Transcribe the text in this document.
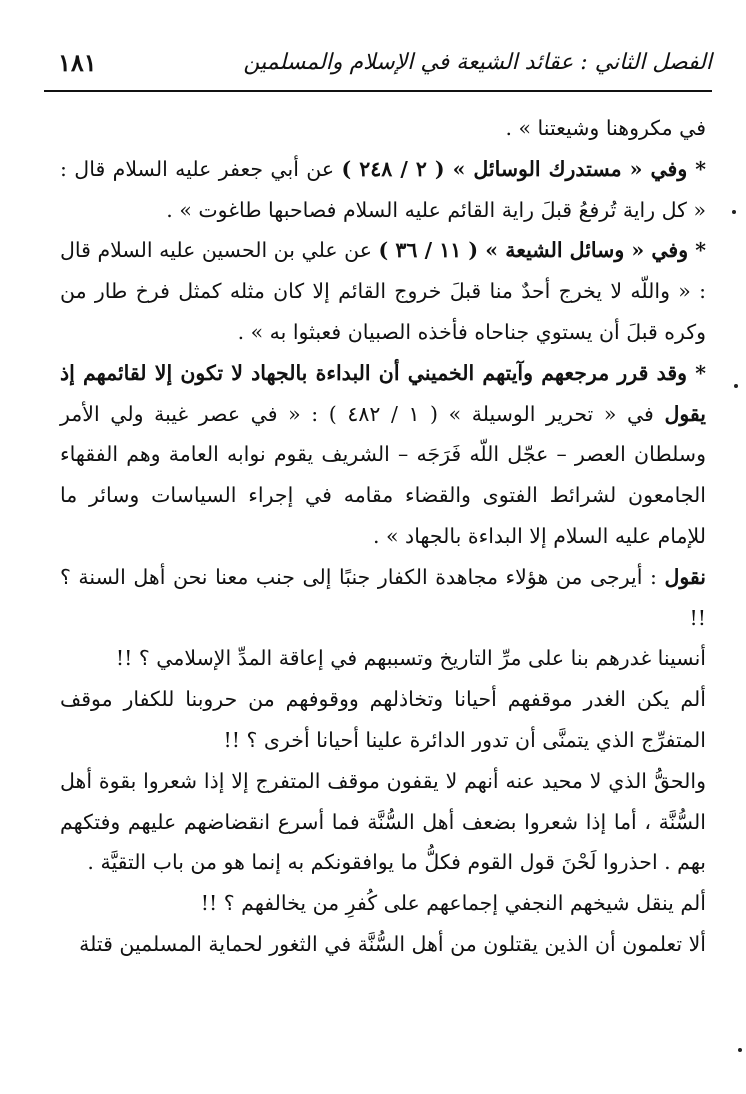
الفصل الثاني : عقائد الشيعة في الإسلام والمسلمين
١٨١

في مكروهنا وشيعتنا » .

* وفي « مستدرك الوسائل » ( ٢ / ٢٤٨ ) عن أبي جعفر عليه السلام قال : « كل راية تُرفعُ قبلَ راية القائم عليه السلام فصاحبها طاغوت » .

* وفي « وسائل الشيعة » ( ١١ / ٣٦ ) عن علي بن الحسين عليه السلام قال : « واللّه لا يخرج أحدٌ منا قبلَ خروج القائم إلا كان مثله كمثل فرخ طار من وكره قبلَ أن يستوي جناحاه فأخذه الصبيان فعبثوا به » .

* وقد قرر مرجعهم وآيتهم الخميني أن البداءة بالجهاد لا تكون إلا لقائمهم إذ يقول في « تحرير الوسيلة » ( ١ / ٤٨٢ ) : « في عصر غيبة ولي الأمر وسلطان العصر – عجّل اللّه فَرَجَه – الشريف يقوم نوابه العامة وهم الفقهاء الجامعون لشرائط الفتوى والقضاء مقامه في إجراء السياسات وسائر ما للإمام عليه السلام إلا البداءة بالجهاد » .

نقول : أيرجى من هؤلاء مجاهدة الكفار جنبًا إلى جنب معنا نحن أهل السنة ؟ !!

أنسينا غدرهم بنا على مرِّ التاريخ وتسببهم في إعاقة المدِّ الإسلامي ؟ !!

ألم يكن الغدر موقفهم أحيانا وتخاذلهم ووقوفهم من حروبنا للكفار موقف المتفرِّج الذي يتمنَّى أن تدور الدائرة علينا أحيانا أخرى ؟ !!

والحقُّ الذي لا محيد عنه أنهم لا يقفون موقف المتفرج إلا إذا شعروا بقوة أهل السُّنَّة ، أما إذا شعروا بضعف أهل السُّنَّة فما أسرع انقضاضهم عليهم وفتكهم بهم . احذروا لَحْنَ قول القوم فكلُّ ما يوافقونكم به إنما هو من باب التقيَّة .

ألم ينقل شيخهم النجفي إجماعهم على كُفرِ من يخالفهم ؟ !!

ألا تعلمون أن الذين يقتلون من أهل السُّنَّة في الثغور لحماية المسلمين قتلة
